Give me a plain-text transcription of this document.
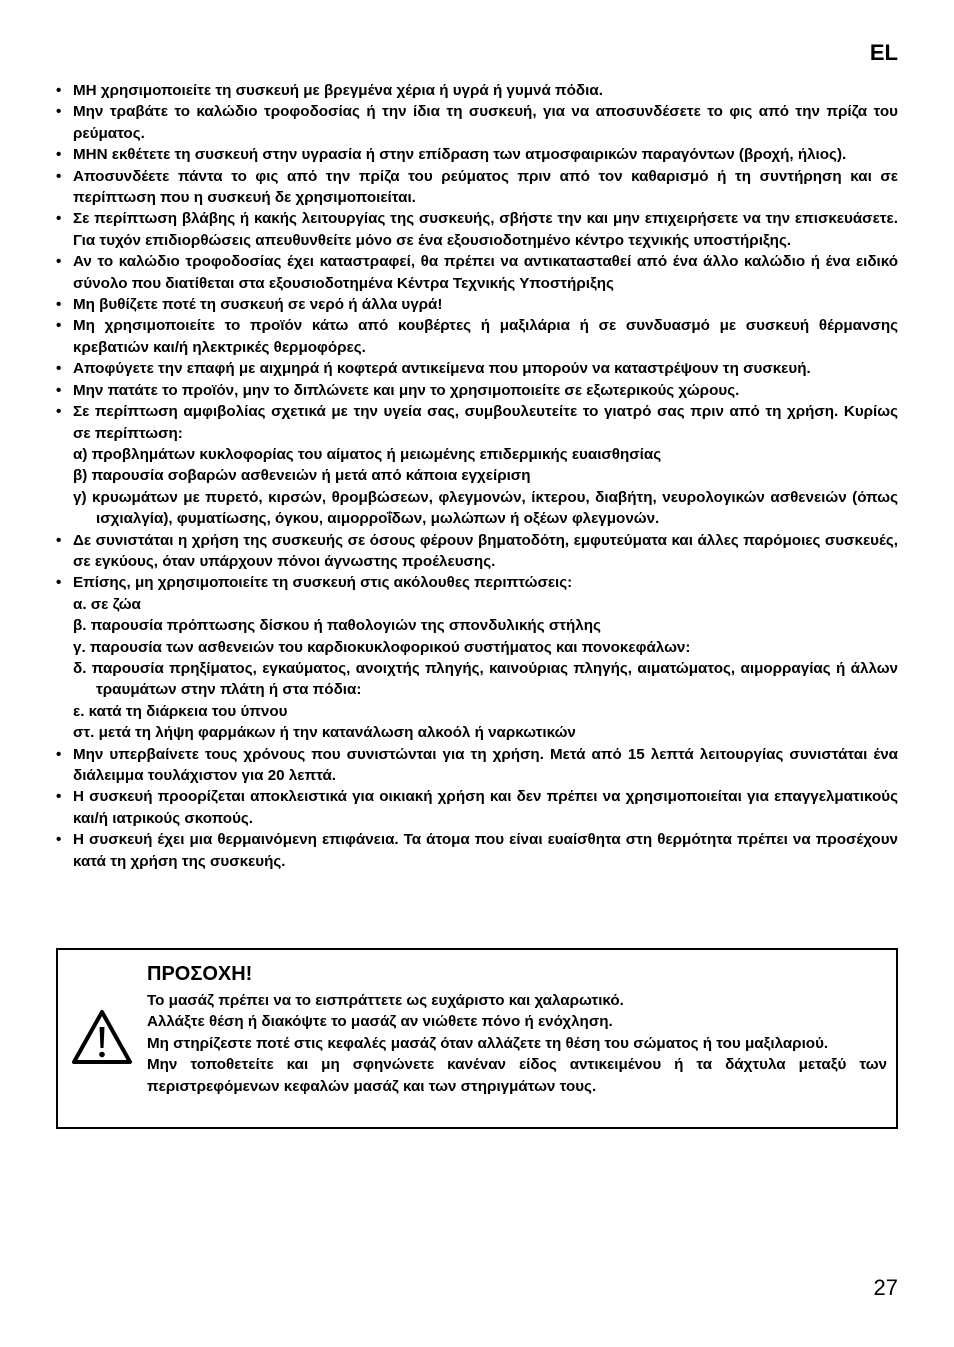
EL
• ΜΗ χρησιμοποιείτε τη συσκευή με βρεγμένα χέρια ή υγρά ή γυμνά πόδια.
• Μην τραβάτε το καλώδιο τροφοδοσίας ή την ίδια τη συσκευή, για να αποσυνδέσετε το φις από την πρίζα του ρεύματος.
• ΜΗΝ εκθέτετε τη συσκευή στην υγρασία ή στην επίδραση των ατμοσφαιρικών παραγόντων (βροχή, ήλιος).
• Αποσυνδέετε πάντα το φις από την πρίζα του ρεύματος πριν από τον καθαρισμό ή τη συντήρηση και σε περίπτωση που η συσκευή δε χρησιμοποιείται.
• Σε περίπτωση βλάβης ή κακής λειτουργίας της συσκευής, σβήστε την και μην επιχειρήσετε να την επισκευάσετε. Για τυχόν επιδιορθώσεις απευθυνθείτε μόνο σε ένα εξουσιοδοτημένο κέντρο τεχνικής υποστήριξης.
• Αν το καλώδιο τροφοδοσίας έχει καταστραφεί, θα πρέπει να αντικατασταθεί από ένα άλλο καλώδιο ή ένα ειδικό σύνολο που διατίθεται στα εξουσιοδοτημένα Κέντρα Τεχνικής Υποστήριξης
• Μη βυθίζετε ποτέ τη συσκευή σε νερό ή άλλα υγρά!
• Μη χρησιμοποιείτε το προϊόν κάτω από κουβέρτες ή μαξιλάρια ή σε συνδυασμό με συσκευή θέρμανσης κρεβατιών και/ή ηλεκτρικές θερμοφόρες.
• Αποφύγετε την επαφή με αιχμηρά ή κοφτερά αντικείμενα που μπορούν να καταστρέψουν τη συσκευή.
• Μην πατάτε το προϊόν, μην το διπλώνετε και μην το χρησιμοποιείτε σε εξωτερικούς χώρους.
• Σε περίπτωση αμφιβολίας σχετικά με την υγεία σας, συμβουλευτείτε το γιατρό σας πριν από τη χρήση. Κυρίως σε περίπτωση:
α) προβλημάτων κυκλοφορίας του αίματος ή μειωμένης επιδερμικής ευαισθησίας
β) παρουσία σοβαρών ασθενειών ή μετά από κάποια εγχείριση
γ) κρυωμάτων με πυρετό, κιρσών, θρομβώσεων, φλεγμονών, ίκτερου, διαβήτη, νευρολογικών ασθενειών (όπως ισχιαλγία), φυματίωσης, όγκου, αιμορροΐδων, μωλώπων ή οξέων φλεγμονών.
• Δε συνιστάται η χρήση της συσκευής σε όσους φέρουν βηματοδότη, εμφυτεύματα και άλλες παρόμοιες συσκευές, σε εγκύους, όταν υπάρχουν πόνοι άγνωστης προέλευσης.
• Επίσης, μη χρησιμοποιείτε τη συσκευή στις ακόλουθες περιπτώσεις:
α. σε ζώα
β. παρουσία πρόπτωσης δίσκου ή παθολογιών της σπονδυλικής στήλης
γ. παρουσία των ασθενειών του καρδιοκυκλοφορικού συστήματος και πονοκεφάλων:
δ. παρουσία πρηξίματος, εγκαύματος, ανοιχτής πληγής, καινούριας πληγής, αιματώματος, αιμορραγίας ή άλλων τραυμάτων στην πλάτη ή στα πόδια:
ε. κατά τη διάρκεια του ύπνου
στ. μετά τη λήψη φαρμάκων ή την κατανάλωση αλκοόλ ή ναρκωτικών
• Μην υπερβαίνετε τους χρόνους που συνιστώνται για τη χρήση. Μετά από 15 λεπτά λειτουργίας συνιστάται ένα διάλειμμα τουλάχιστον για 20 λεπτά.
• Η συσκευή προορίζεται αποκλειστικά για οικιακή χρήση και δεν πρέπει να χρησιμοποιείται για επαγγελματικούς και/ή ιατρικούς σκοπούς.
• Η συσκευή έχει μια θερμαινόμενη επιφάνεια. Τα άτομα που είναι ευαίσθητα στη θερμότητα πρέπει να προσέχουν κατά τη χρήση της συσκευής.
ΠΡΟΣΟΧΗ!
Το μασάζ πρέπει να το εισπράττετε ως ευχάριστο και χαλαρωτικό.
Αλλάξτε θέση ή διακόψτε το μασάζ αν νιώθετε πόνο ή ενόχληση.
Μη στηρίζεστε ποτέ στις κεφαλές μασάζ όταν αλλάζετε τη θέση του σώματος ή του μαξιλαριού.
Μην τοποθετείτε και μη σφηνώνετε κανέναν είδος αντικειμένου ή τα δάχτυλα μεταξύ των περιστρεφόμενων κεφαλών μασάζ και των στηριγμάτων τους.
27
